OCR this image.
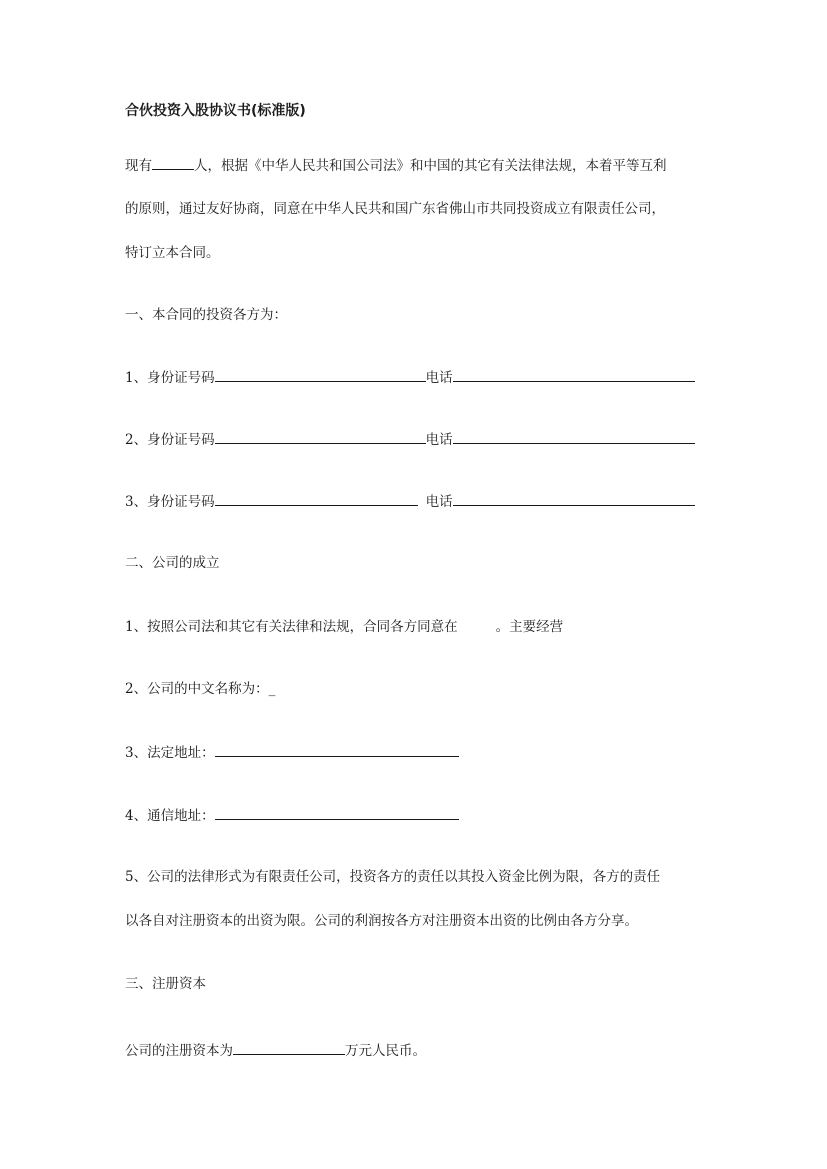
合伙投资入股协议书(标准版)
现有	人，根据《中华人民共和国公司法》和中国的其它有关法律法规，本着平等互利
的原则，通过友好协商，同意在中华人民共和国广东省佛山市共同投资成立有限责任公司，
特订立本合同。
一、本合同的投资各方为：
1、身份证号码	电话
2、身份证号码	电话
3、身份证号码	电话
二、公司的成立
1、按照公司法和其它有关法律和法规，合同各方同意在	。主要经营
2、公司的中文名称为：_
3、法定地址：
4、通信地址：
5、公司的法律形式为有限责任公司，投资各方的责任以其投入资金比例为限，各方的责任
以各自对注册资本的出资为限。公司的利润按各方对注册资本出资的比例由各方分享。
三、注册资本
公司的注册资本为	万元人民币。
